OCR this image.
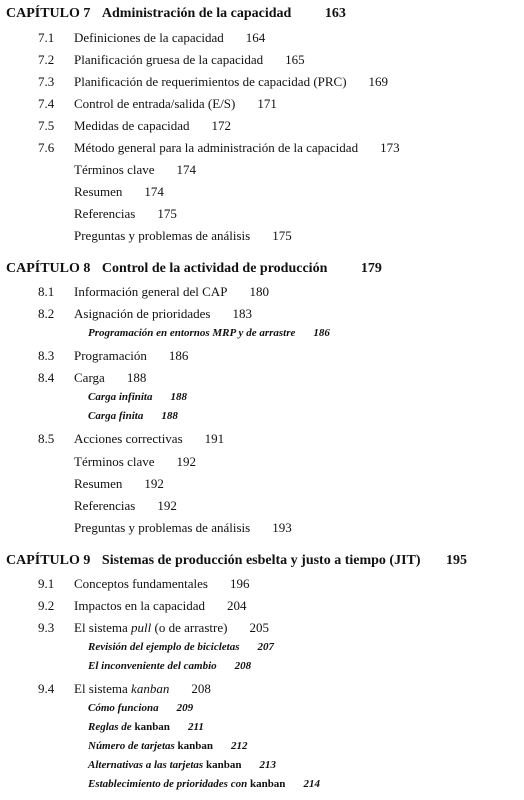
CAPÍTULO 7 Administración de la capacidad 163
7.1 Definiciones de la capacidad 164
7.2 Planificación gruesa de la capacidad 165
7.3 Planificación de requerimientos de capacidad (PRC) 169
7.4 Control de entrada/salida (E/S) 171
7.5 Medidas de capacidad 172
7.6 Método general para la administración de la capacidad 173
Términos clave 174
Resumen 174
Referencias 175
Preguntas y problemas de análisis 175
CAPÍTULO 8 Control de la actividad de producción 179
8.1 Información general del CAP 180
8.2 Asignación de prioridades 183
Programación en entornos MRP y de arrastre 186
8.3 Programación 186
8.4 Carga 188
Carga infinita 188
Carga finita 188
8.5 Acciones correctivas 191
Términos clave 192
Resumen 192
Referencias 192
Preguntas y problemas de análisis 193
CAPÍTULO 9 Sistemas de producción esbelta y justo a tiempo (JIT) 195
9.1 Conceptos fundamentales 196
9.2 Impactos en la capacidad 204
9.3 El sistema pull (o de arrastre) 205
Revisión del ejemplo de bicicletas 207
El inconveniente del cambio 208
9.4 El sistema kanban 208
Cómo funciona 209
Reglas de kanban 211
Número de tarjetas kanban 212
Alternativas a las tarjetas kanban 213
Establecimiento de prioridades con kanban 214
